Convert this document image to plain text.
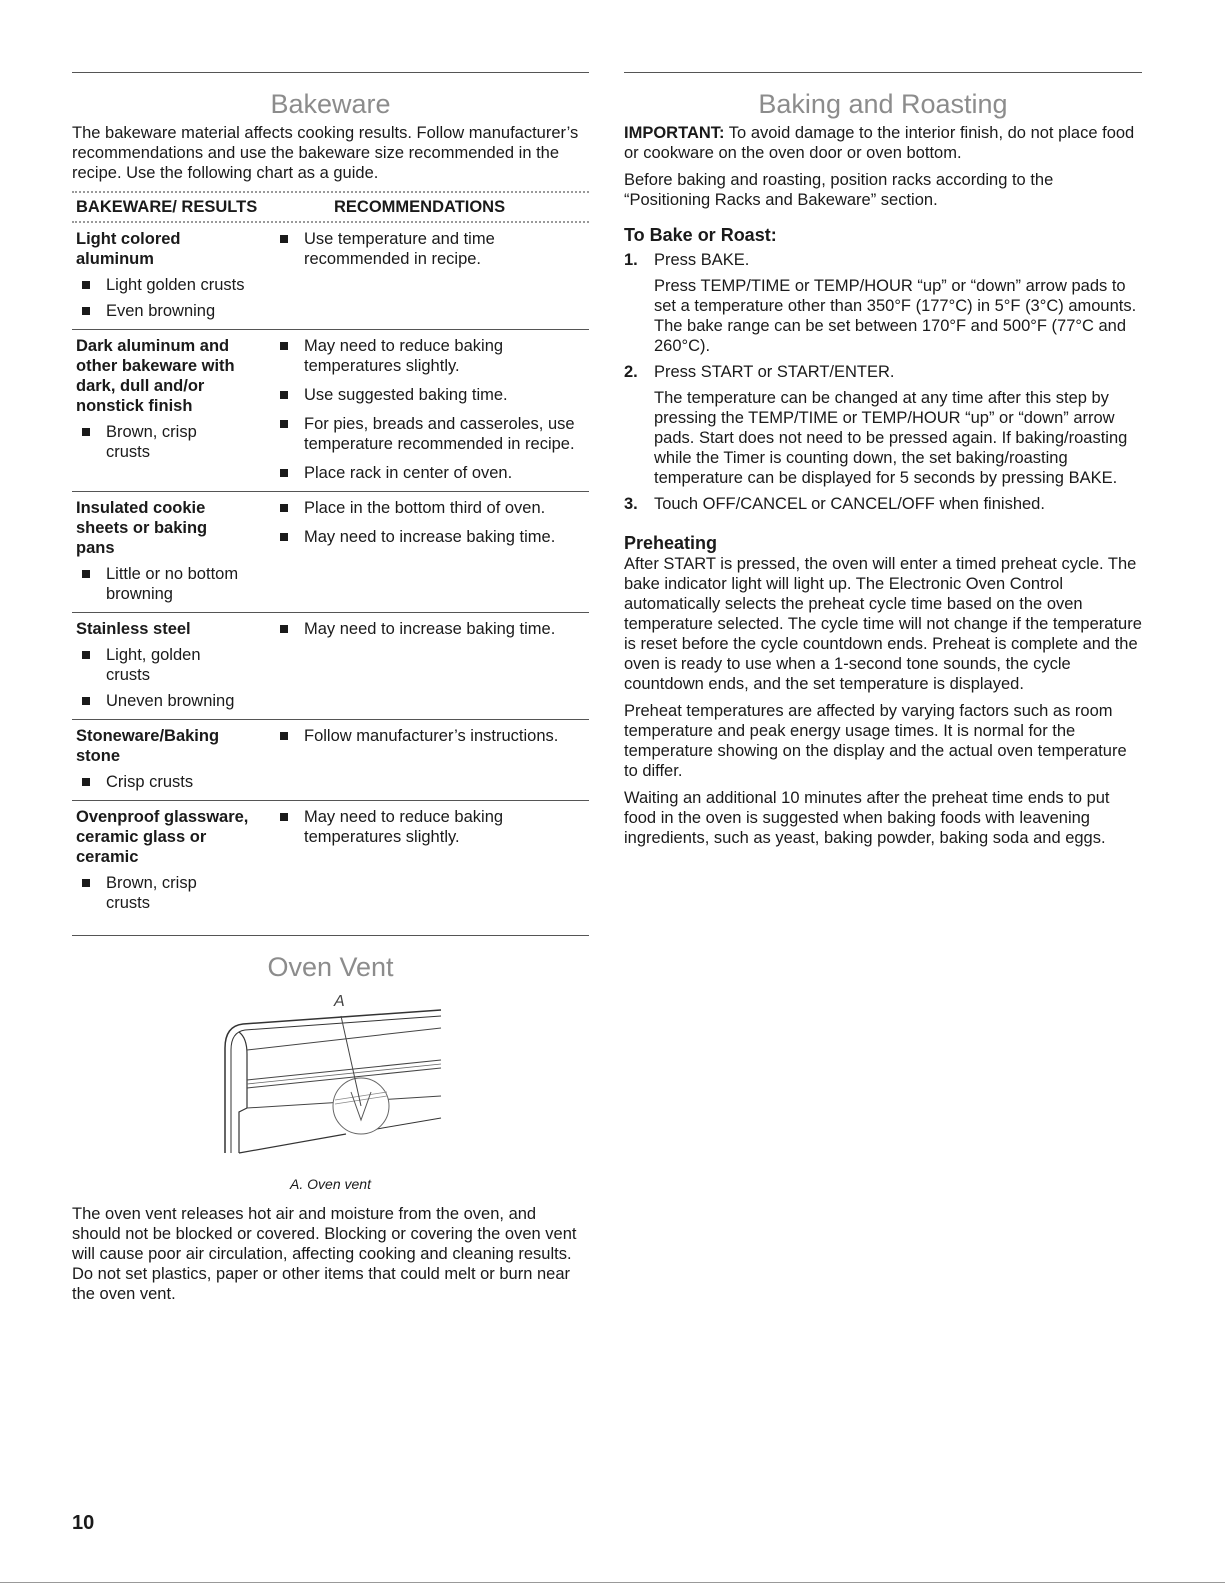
Bakeware

The bakeware material affects cooking results. Follow manufacturer’s recommendations and use the bakeware size recommended in the recipe. Use the following chart as a guide.

BAKEWARE/ RESULTS	RECOMMENDATIONS
Light colored aluminum
Light golden crusts
Even browning
Use temperature and time recommended in recipe.
Dark aluminum and other bakeware with dark, dull and/or nonstick finish
Brown, crisp crusts
May need to reduce baking temperatures slightly.
Use suggested baking time.
For pies, breads and casseroles, use temperature recommended in recipe.
Place rack in center of oven.
Insulated cookie sheets or baking pans
Little or no bottom browning
Place in the bottom third of oven.
May need to increase baking time.
Stainless steel
Light, golden crusts
Uneven browning
May need to increase baking time.
Stoneware/Baking stone
Crisp crusts
Follow manufacturer’s instructions.
Ovenproof glassware, ceramic glass or ceramic
Brown, crisp crusts
May need to reduce baking temperatures slightly.
Oven Vent
A
A. Oven vent

The oven vent releases hot air and moisture from the oven, and should not be blocked or covered. Blocking or covering the oven vent will cause poor air circulation, affecting cooking and cleaning results. Do not set plastics, paper or other items that could melt or burn near the oven vent.

Baking and Roasting

IMPORTANT: To avoid damage to the interior finish, do not place food or cookware on the oven door or oven bottom.

Before baking and roasting, position racks according to the “Positioning Racks and Bakeware” section.

To Bake or Roast:
1. Press BAKE.
Press TEMP/TIME or TEMP/HOUR “up” or “down” arrow pads to set a temperature other than 350°F (177°C) in 5°F (3°C) amounts. The bake range can be set between 170°F and 500°F (77°C and 260°C).
2. Press START or START/ENTER.
The temperature can be changed at any time after this step by pressing the TEMP/TIME or TEMP/HOUR “up” or “down” arrow pads. Start does not need to be pressed again. If baking/roasting while the Timer is counting down, the set baking/roasting temperature can be displayed for 5 seconds by pressing BAKE.
3. Touch OFF/CANCEL or CANCEL/OFF when finished.
Preheating

After START is pressed, the oven will enter a timed preheat cycle. The bake indicator light will light up. The Electronic Oven Control automatically selects the preheat cycle time based on the oven temperature selected. The cycle time will not change if the temperature is reset before the cycle countdown ends. Preheat is complete and the oven is ready to use when a 1-second tone sounds, the cycle countdown ends, and the set temperature is displayed.

Preheat temperatures are affected by varying factors such as room temperature and peak energy usage times. It is normal for the temperature showing on the display and the actual oven temperature to differ.

Waiting an additional 10 minutes after the preheat time ends to put food in the oven is suggested when baking foods with leavening ingredients, such as yeast, baking powder, baking soda and eggs.

10
